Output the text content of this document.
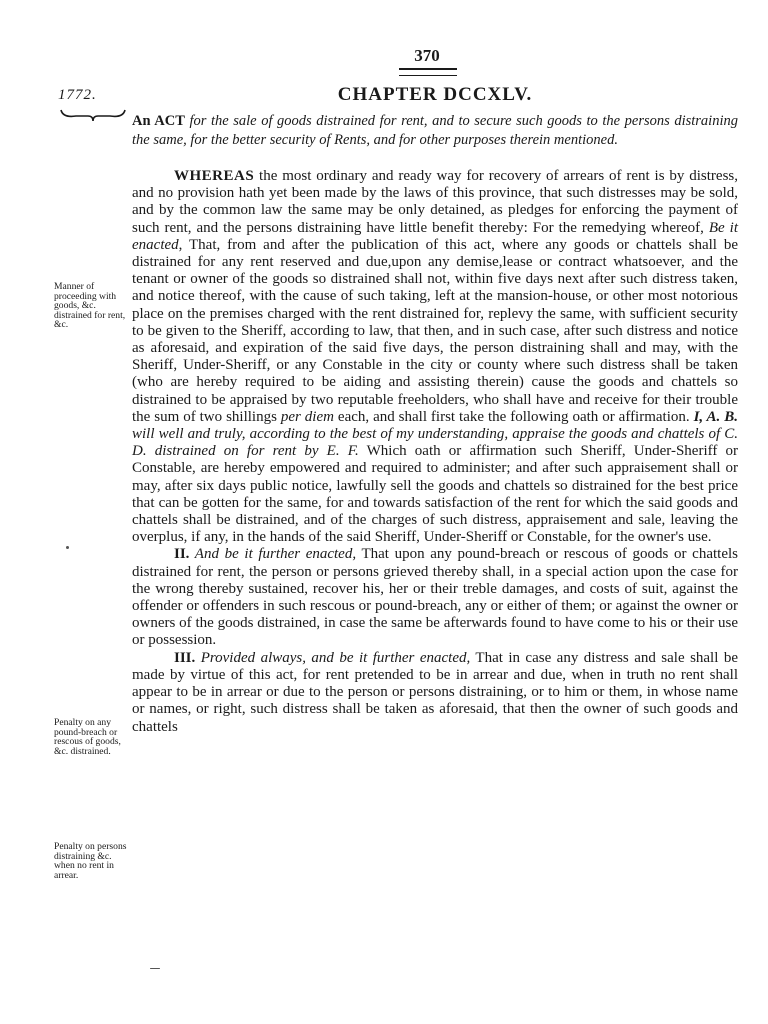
370
1772.	CHAPTER DCCXLV.
An ACT for the sale of goods distrained for rent, and to secure such goods to the persons distraining the same, for the better security of Rents, and for other purposes therein mentioned.
Manner of proceeding with goods, &c. distrained for rent, &c.
Penalty on any pound-breach or rescous of goods, &c. distrained.
Penalty on persons distraining &c. when no rent in arrear.

WHEREAS the most ordinary and ready way for recovery of arrears of rent is by distress, and no provision hath yet been made by the laws of this province, that such distresses may be sold, and by the common law the same may be only detained, as pledges for enforcing the payment of such rent, and the persons distraining have little benefit thereby: For the remedying whereof, Be it enacted, That, from and after the publication of this act, where any goods or chattels shall be distrained for any rent reserved and due,upon any demise,lease or contract whatsoever, and the tenant or owner of the goods so distrained shall not, within five days next after such distress taken, and notice thereof, with the cause of such taking, left at the mansion-house, or other most notorious place on the premises charged with the rent distrained for, replevy the same, with sufficient security to be given to the Sheriff, according to law, that then, and in such case, after such distress and notice as aforesaid, and expiration of the said five days, the person distraining shall and may, with the Sheriff, Under-Sheriff, or any Constable in the city or county where such distress shall be taken (who are hereby required to be aiding and assisting therein) cause the goods and chattels so distrained to be appraised by two reputable freeholders, who shall have and receive for their trouble the sum of two shillings per diem each, and shall first take the following oath or affirmation. I, A. B. will well and truly, according to the best of my understanding, appraise the goods and chattels of C. D. distrained on for rent by E. F. Which oath or affirmation such Sheriff, Under-Sheriff or Constable, are hereby empowered and required to administer; and after such appraisement shall or may, after six days public notice, lawfully sell the goods and chattels so distrained for the best price that can be gotten for the same, for and towards satisfaction of the rent for which the said goods and chattels shall be distrained, and of the charges of such distress, appraisement and sale, leaving the overplus, if any, in the hands of the said Sheriff, Under-Sheriff or Constable, for the owner's use.

II. And be it further enacted, That upon any pound-breach or rescous of goods or chattels distrained for rent, the person or persons grieved thereby shall, in a special action upon the case for the wrong thereby sustained, recover his, her or their treble damages, and costs of suit, against the offender or offenders in such rescous or pound-breach, any or either of them; or against the owner or owners of the goods distrained, in case the same be afterwards found to have come to his or their use or possession.

III. Provided always, and be it further enacted, That in case any distress and sale shall be made by virtue of this act, for rent pretended to be in arrear and due, when in truth no rent shall appear to be in arrear or due to the person or persons distraining, or to him or them, in whose name or names, or right, such distress shall be taken as aforesaid, that then the owner of such goods and chattels
